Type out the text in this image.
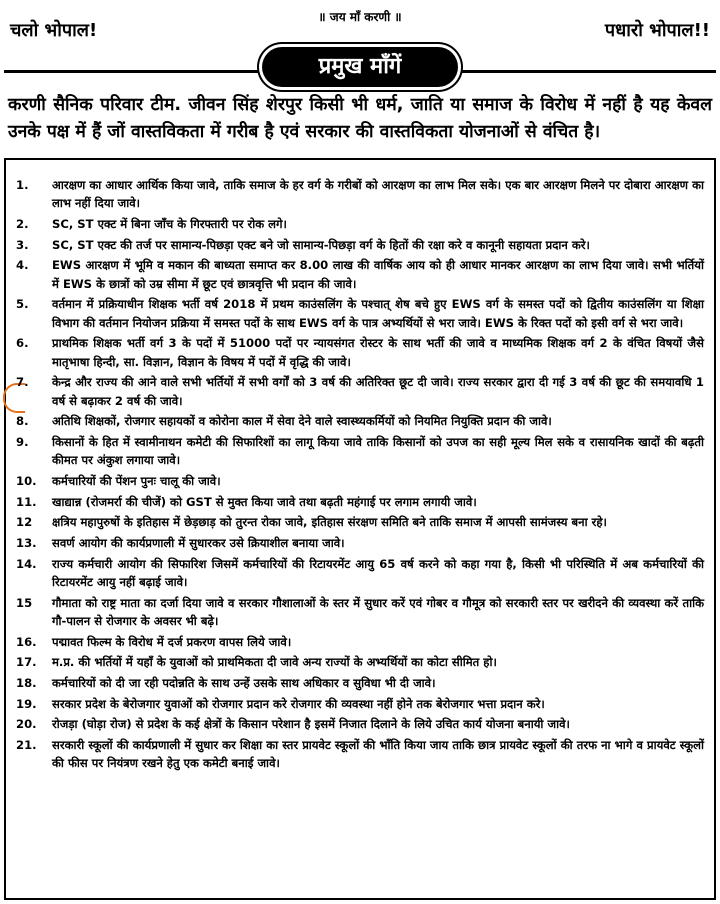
चलो भोपाल!
॥ जय माँ करणी ॥
पधारो भोपाल!!
प्रमुख माँगें
करणी सैनिक परिवार टीम. जीवन सिंह शेरपुर किसी भी धर्म, जाति या समाज के विरोध में नहीं है यह केवल उनके पक्ष में हैं जों वास्तविकता में गरीब है एवं सरकार की वास्तविकता योजनाओं से वंचित है।
1.	आरक्षण का आधार आर्थिक किया जावे, ताकि समाज के हर वर्ग के गरीबों को आरक्षण का लाभ मिल सके। एक बार आरक्षण मिलने पर दोबारा आरक्षण का लाभ नहीं दिया जावे।
2.	SC, ST एक्ट में बिना जाँच के गिरफ्तारी पर रोक लगे।
3.	SC, ST एक्ट की तर्ज पर सामान्य-पिछड़ा एक्ट बने जो सामान्य-पिछड़ा वर्ग के हितों की रक्षा करे व कानूनी सहायता प्रदान करे।
4.	EWS आरक्षण में भूमि व मकान की बाध्यता समाप्त कर 8.00 लाख की वार्षिक आय को ही आधार मानकर आरक्षण का लाभ दिया जावे। सभी भर्तियों में EWS के छात्रों को उम्र सीमा में छूट एवं छात्रवृत्ति भी प्रदान की जावे।
5.	वर्तमान में प्रक्रियाधीन शिक्षक भर्ती वर्ष 2018 में प्रथम काउंसलिंग के पश्चात् शेष बचे हुए EWS वर्ग के समस्त पदों को द्वितीय काउंसलिंग या शिक्षा विभाग की वर्तमान नियोजन प्रक्रिया में समस्त पदों के साथ EWS वर्ग के पात्र अभ्यर्थियों से भरा जावे। EWS के रिक्त पदों को इसी वर्ग से भरा जावे।
6.	प्राथमिक शिक्षक भर्ती वर्ग 3 के पदों में 51000 पदों पर न्यायसंगत रोस्टर के साथ भर्ती की जावे व माध्यमिक शिक्षक वर्ग 2 के वंचित विषयों जैसे मातृभाषा हिन्दी, सा. विज्ञान, विज्ञान के विषय में पदों में वृद्धि की जावे।
7.	केन्द्र और राज्य की आने वाले सभी भर्तियों में सभी वर्गों को 3 वर्ष की अतिरिक्त छूट दी जावे। राज्य सरकार द्वारा दी गई 3 वर्ष की छूट की समयावधि 1 वर्ष से बढ़ाकर 2 वर्ष की जावे।
8.	अतिथि शिक्षकों, रोजगार सहायकों व कोरोना काल में सेवा देने वाले स्वास्थ्यकर्मियों को नियमित नियुक्ति प्रदान की जावे।
9.	किसानों के हित में स्वामीनाथन कमेटी की सिफारिशों का लागू किया जावे ताकि किसानों को उपज का सही मूल्य मिल सके व रासायनिक खादों की बढ़ती कीमत पर अंकुश लगाया जावे।
10.	कर्मचारियों की पेंशन पुनः चालू की जावे।
11.	खाद्यान्न (रोजमर्रा की चीजें) को GST से मुक्त किया जावे तथा बढ़ती महंगाई पर लगाम लगायी जावे।
12	क्षत्रिय महापुरुषों के इतिहास में छेड़छाड़ को तुरन्त रोका जावे, इतिहास संरक्षण समिति बने ताकि समाज में आपसी सामंजस्य बना रहे।
13.	सवर्ण आयोग की कार्यप्रणाली में सुधारकर उसे क्रियाशील बनाया जावे।
14.	राज्य कर्मचारी आयोग की सिफारिश जिसमें कर्मचारियों की रिटायरमेंट आयु 65 वर्ष करने को कहा गया है, किसी भी परिस्थिति में अब कर्मचारियों की रिटायरमेंट आयु नहीं बढ़ाई जावे।
15	गौमाता को राष्ट्र माता का दर्जा दिया जावे व सरकार गौशालाओं के स्तर में सुधार करें एवं गोबर व गौमूत्र को सरकारी स्तर पर खरीदने की व्यवस्था करें ताकि गौ-पालन से रोजगार के अवसर भी बढ़े।
16.	पद्मावत फिल्म के विरोध में दर्ज प्रकरण वापस लिये जावे।
17.	म.प्र. की भर्तियों में यहाँ के युवाओं को प्राथमिकता दी जावे अन्य राज्यों के अभ्यर्थियों का कोटा सीमित हो।
18.	कर्मचारियों को दी जा रही पदोन्नति के साथ उन्हें उसके साथ अधिकार व सुविधा भी दी जावे।
19.	सरकार प्रदेश के बेरोजगार युवाओं को रोजगार प्रदान करे रोजगार की व्यवस्था नहीं होने तक बेरोजगार भत्ता प्रदान करे।
20.	रोजड़ा (घोड़ा रोज) से प्रदेश के कई क्षेत्रों के किसान परेशान है इसमें निजात दिलाने के लिये उचित कार्य योजना बनायी जावे।
21.	सरकारी स्कूलों की कार्यप्रणाली में सुधार कर शिक्षा का स्तर प्रायवेट स्कूलों की भाँति किया जाय ताकि छात्र प्रायवेट स्कूलों की तरफ ना भागे व प्रायवेट स्कूलों की फीस पर नियंत्रण रखने हेतु एक कमेटी बनाई जावे।
